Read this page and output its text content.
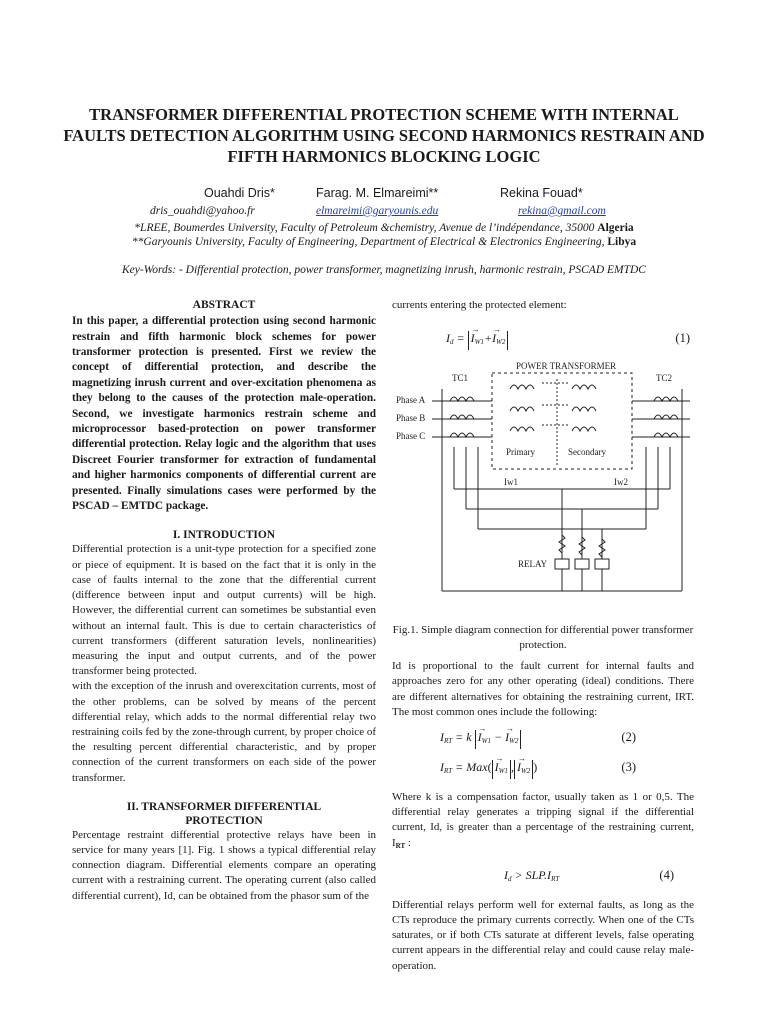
TRANSFORMER DIFFERENTIAL PROTECTION SCHEME WITH INTERNAL FAULTS DETECTION ALGORITHM USING SECOND HARMONICS RESTRAIN AND FIFTH HARMONICS BLOCKING LOGIC
Ouahdi Dris*	Farag. M. Elmareimi**	Rekina Fouad*
dris_ouahdi@yahoo.fr	elmareimi@garyounis.edu	rekina@gmail.com
*LREE, Boumerdes University, Faculty of Petroleum &chemistry, Avenue de l’indépendance, 35000 Algeria
**Garyounis University, Faculty of Engineering, Department of Electrical & Electronics Engineering, Libya
Key-Words: - Differential protection, power transformer, magnetizing inrush, harmonic restrain, PSCAD EMTDC
ABSTRACT

In this paper, a differential protection using second harmonic restrain and fifth harmonic block schemes for power transformer protection is presented. First we review the concept of differential protection, and describe the magnetizing inrush current and over-excitation phenomena as they belong to the causes of the protection male-operation. Second, we investigate harmonics restrain scheme and microprocessor based-protection on power transformer differential protection. Relay logic and the algorithm that uses Discreet Fourier transformer for extraction of fundamental and higher harmonics components of differential current are presented. Finally simulations cases were performed by the PSCAD – EMTDC package.

I. INTRODUCTION

Differential protection is a unit-type protection for a specified zone or piece of equipment. It is based on the fact that it is only in the case of faults internal to the zone that the differential current (difference between input and output currents) will be high. However, the differential current can sometimes be substantial even without an internal fault. This is due to certain characteristics of current transformers (different saturation levels, nonlinearities) measuring the input and output currents, and of the power transformer being protected.

with the exception of the inrush and overexcitation currents, most of the other problems, can be solved by means of the percent differential relay, which adds to the normal differential relay two restraining coils fed by the zone-through current, by proper choice of the resulting percent differential characteristic, and by proper connection of the current transformers on each side of the power transformer.

II. TRANSFORMER DIFFERENTIAL
PROTECTION

Percentage restraint differential protective relays have been in service for many years [1]. Fig. 1 shows a typical differential relay connection diagram. Differential elements compare an operating current with a restraining current. The operating current (also called differential current), Id, can be obtained from the phasor sum of the

currents entering the protected element:

$I_d$ = → $I_{W1}+\to I_{W2}$	(1)
POWER TRANSFORMER
TC1	TC2
Phase A
Phase B
Phase C
Primary	Secondary
Iw1	Iw2
RELAY

Fig.1. Simple diagram connection for differential power transformer protection.

Id is proportional to the fault current for internal faults and approaches zero for any other operating (ideal) conditions. There are different alternatives for obtaining the restraining current, IRT. The most common ones include the following:

$I_{RT} = k \to I_{W1}$ − → $I_{W2}$	(2)
$I_{RT} = Max( \to I_{W1}$ , → $I_{W2}$ )	(3)

Where k is a compensation factor, usually taken as 1 or 0,5. The differential relay generates a tripping signal if the differential current, Id, is greater than a percentage of the restraining current, IRT :

$I_d > SLP.I_{RT}$	(4)

Differential relays perform well for external faults, as long as the CTs reproduce the primary currents correctly. When one of the CTs saturates, or if both CTs saturate at different levels, false operating current appears in the differential relay and could cause relay male-operation.
